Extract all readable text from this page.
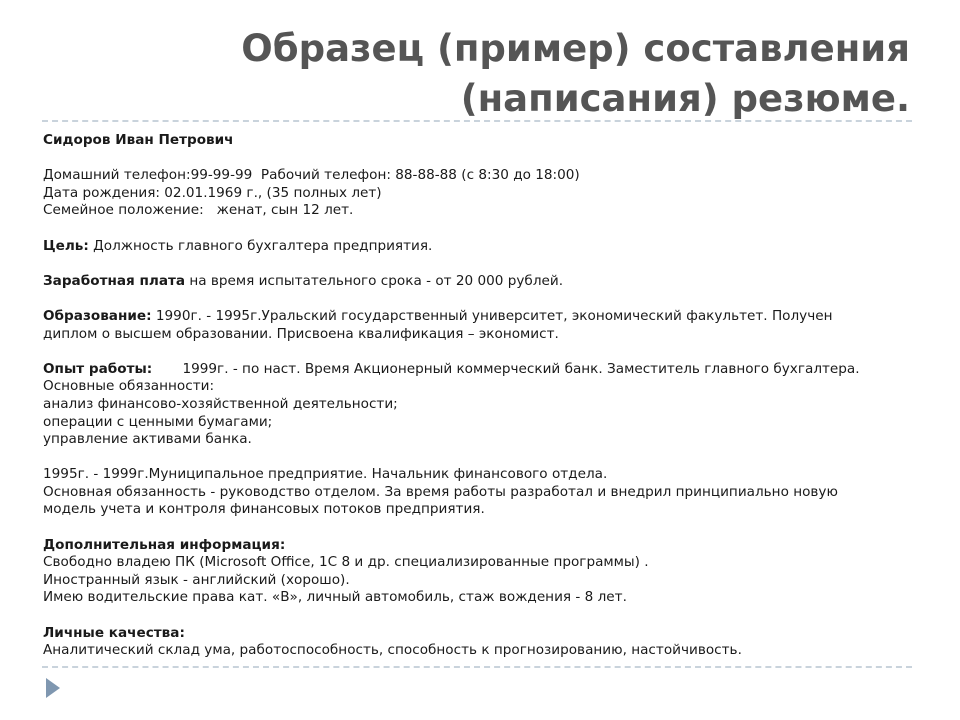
Образец (пример) составления
(написания) резюме.
Сидоров Иван Петрович
Домашний телефон:99-99-99  Рабочий телефон: 88-88-88 (с 8:30 до 18:00)
Дата рождения: 02.01.1969 г., (35 полных лет)
Семейное положение:   женат, сын 12 лет.
Цель: Должность главного бухгалтера предприятия.
Заработная плата на время испытательного срока - от 20 000 рублей.
Образование: 1990г. - 1995г.Уральский государственный университет, экономический факультет. Получен
диплом о высшем образовании. Присвоена квалификация – экономист.
Опыт работы:       1999г. - по наст. Время Акционерный коммерческий банк. Заместитель главного бухгалтера.
Основные обязанности:
анализ финансово-хозяйственной деятельности;
операции с ценными бумагами;
управление активами банка.
1995г. - 1999г.Муниципальное предприятие. Начальник финансового отдела.
Основная обязанность - руководство отделом. За время работы разработал и внедрил принципиально новую
модель учета и контроля финансовых потоков предприятия.
Дополнительная информация:
Свободно владею ПК (Microsoft Office, 1С 8 и др. специализированные программы) .
Иностранный язык - английский (хорошо).
Имею водительские права кат. «В», личный автомобиль, стаж вождения - 8 лет.
Личные качества:
Аналитический склад ума, работоспособность, способность к прогнозированию, настойчивость.
